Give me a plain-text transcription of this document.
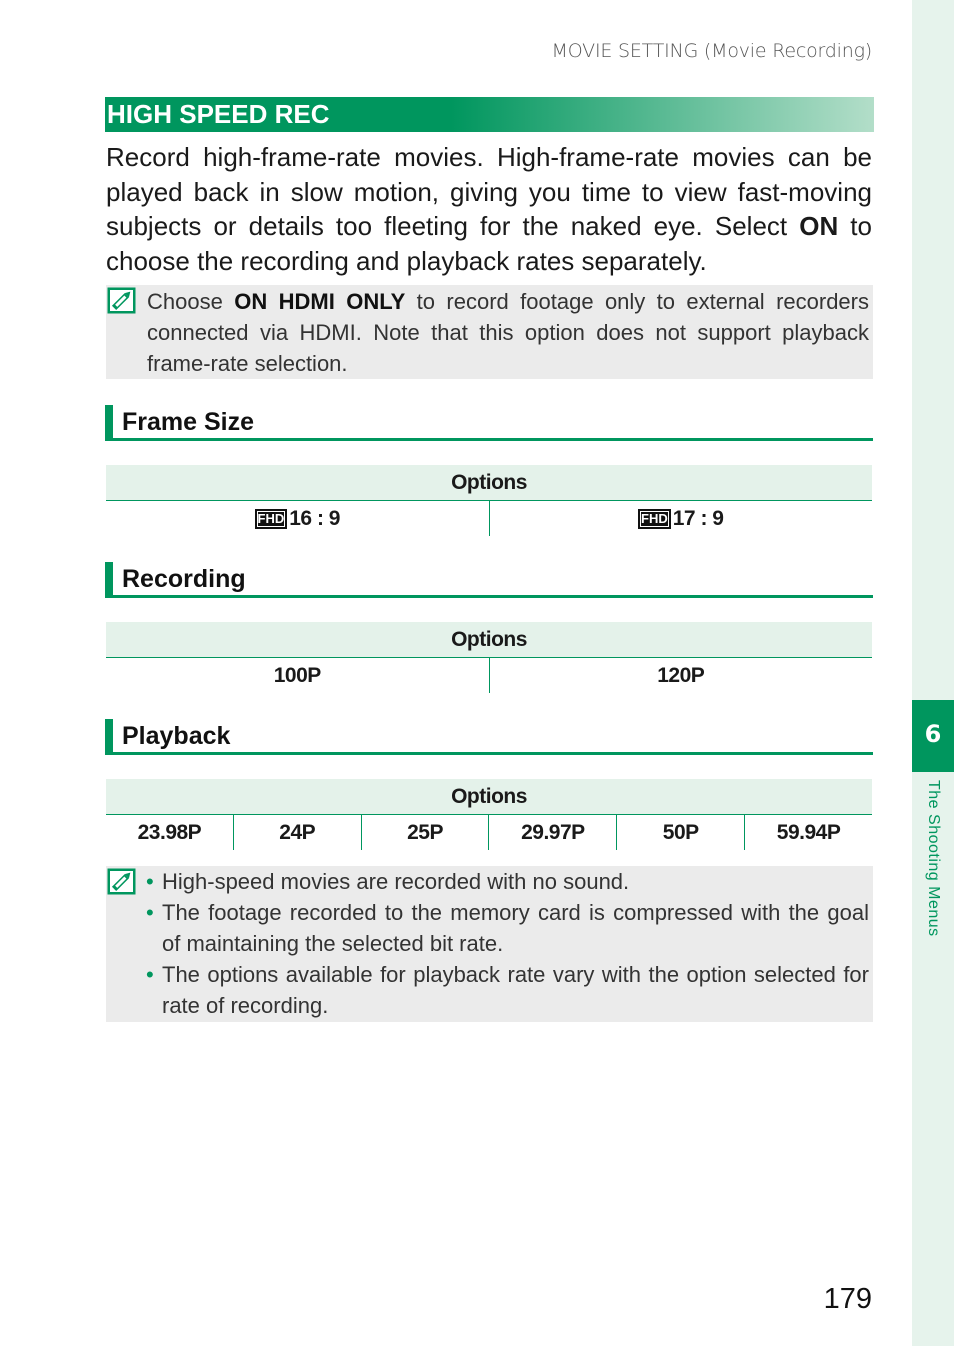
MOVIE SETTING (Movie Recording)
6
The Shooting Menus
HIGH SPEED REC

Record high-frame-rate movies. High-frame-rate movies can be played back in slow motion, giving you time to view fast-moving subjects or details too fleeting for the naked eye. Select ON to choose the recording and playback rates separately.

Choose ON HDMI ONLY to record footage only to external recorders connected via HDMI. Note that this option does not support playback frame-rate selection.

Frame Size
Options
FHD 16 : 9	FHD 17 : 9
Recording
Options
100P	120P
Playback
Options
23.98P	24P	25P	29.97P	50P	59.94P
• High-speed movies are recorded with no sound.
• The footage recorded to the memory card is compressed with the goal of maintaining the selected bit rate.
• The options available for playback rate vary with the option selected for rate of recording.
179
